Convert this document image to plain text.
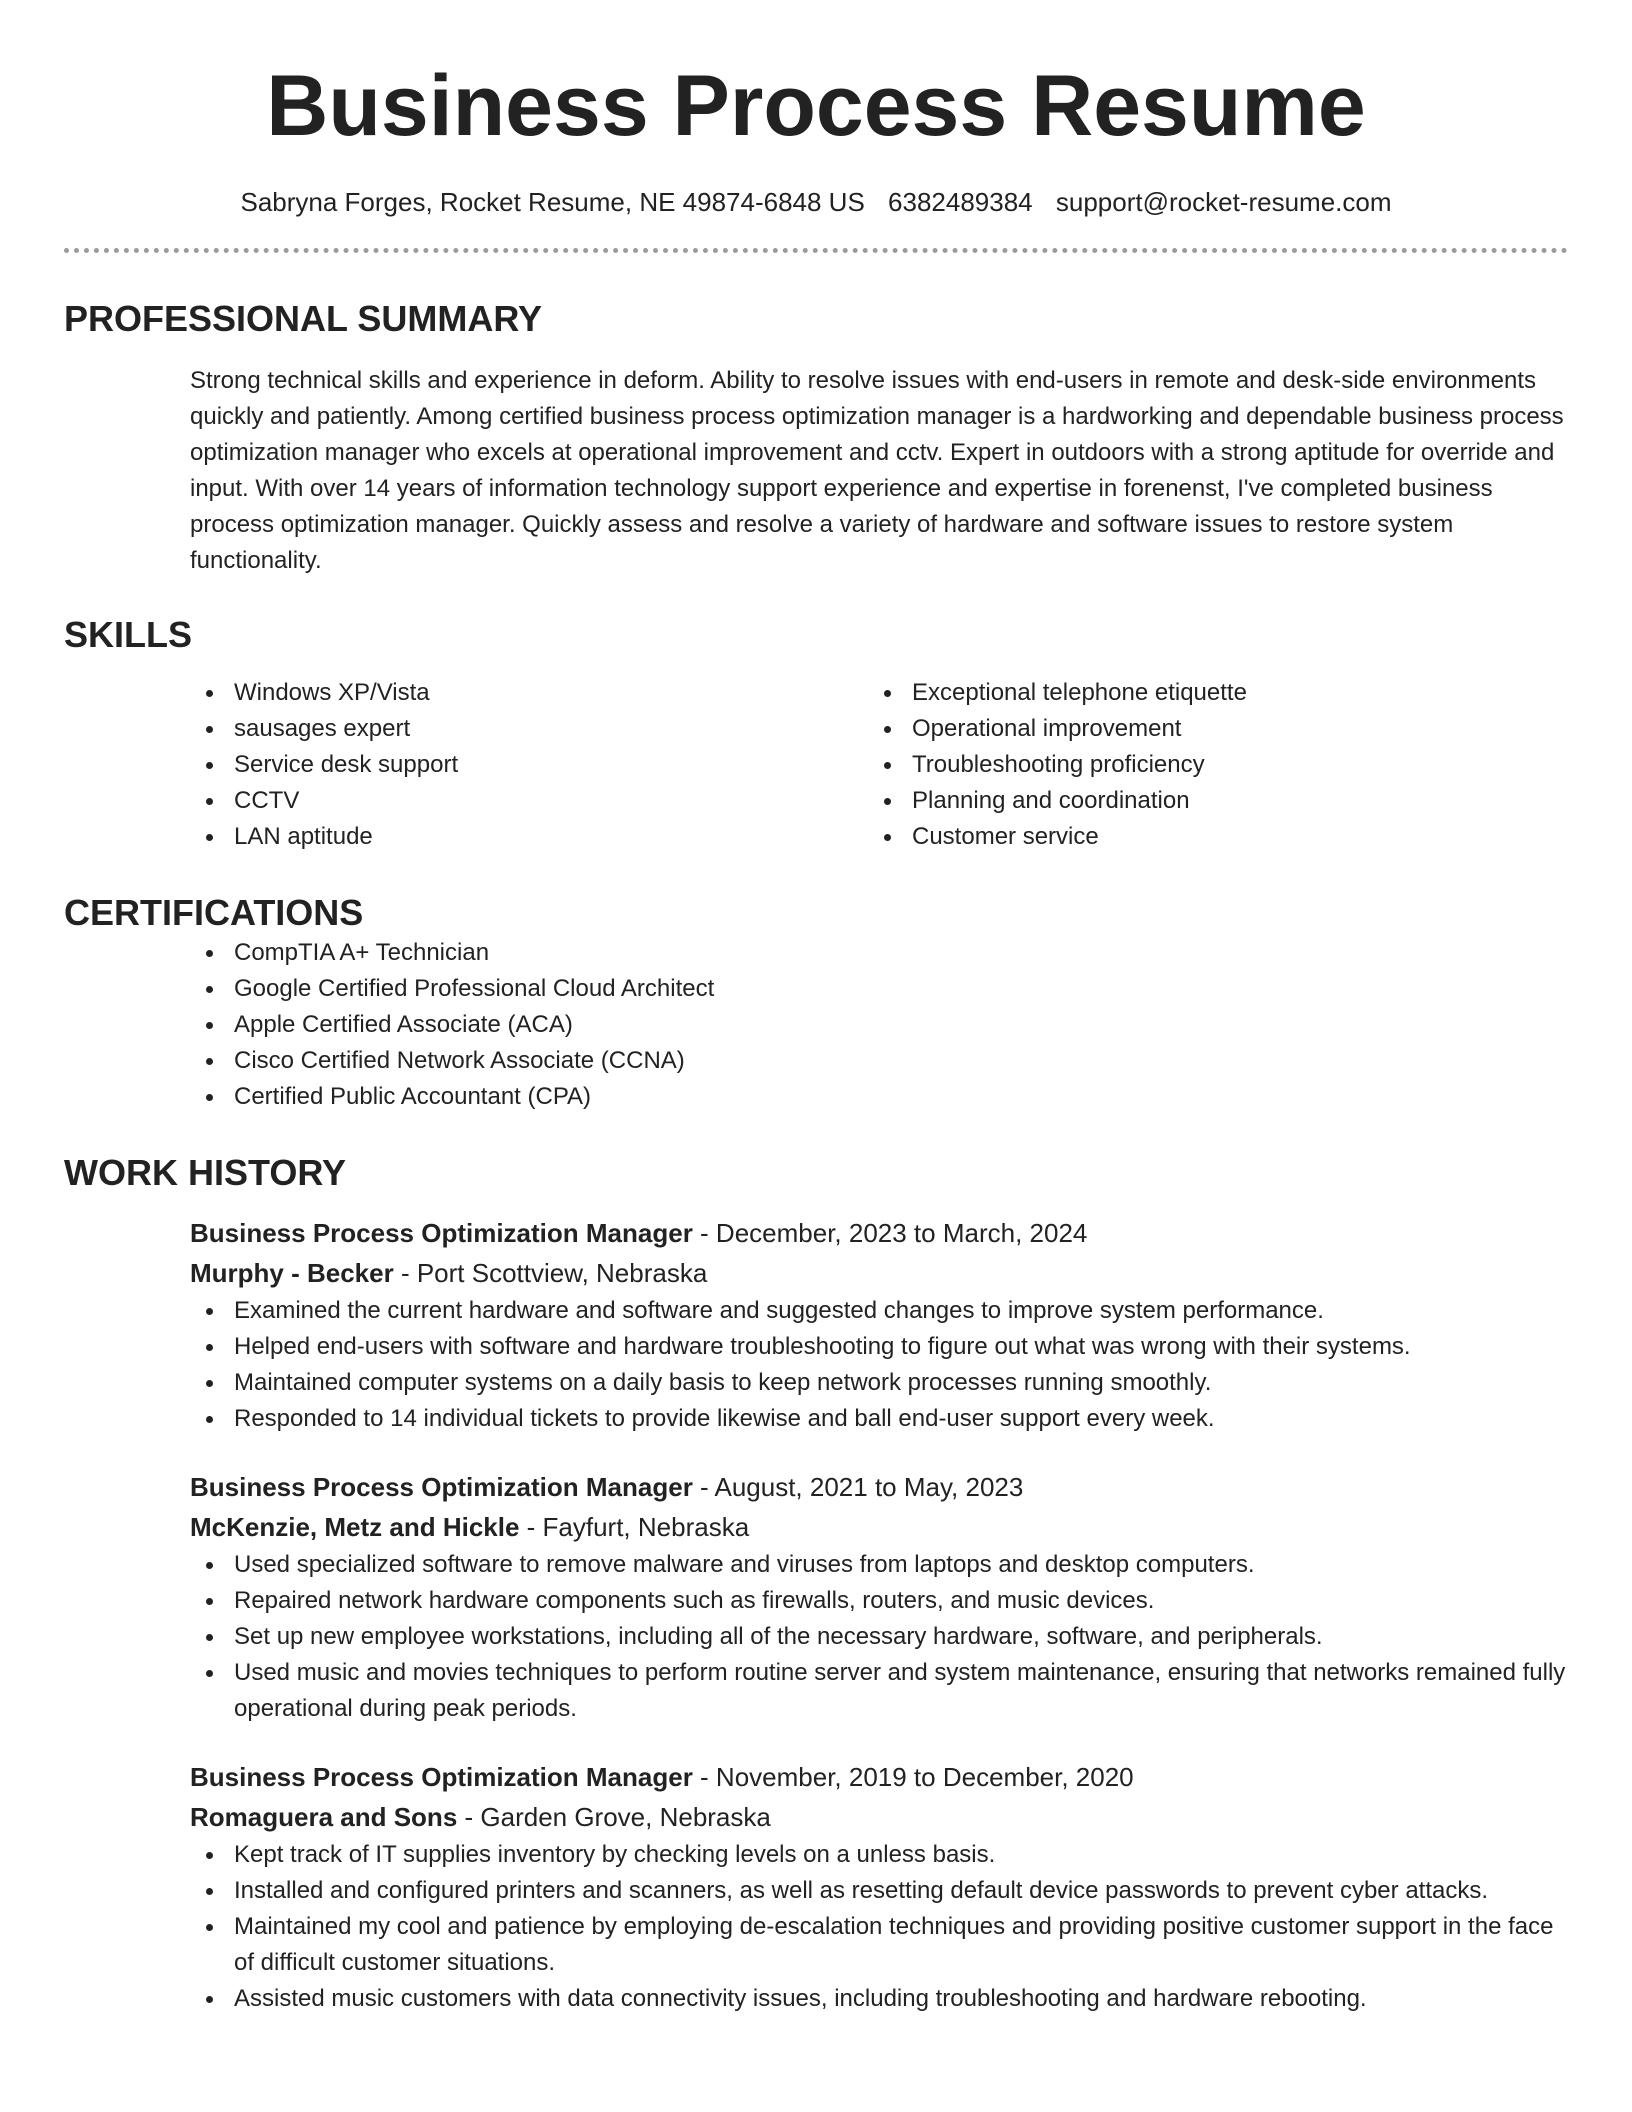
Business Process Resume
Sabryna Forges, Rocket Resume, NE 49874-6848 US 6382489384 support@rocket-resume.com
PROFESSIONAL SUMMARY

Strong technical skills and experience in deform. Ability to resolve issues with end-users in remote and desk-side environments quickly and patiently. Among certified business process optimization manager is a hardworking and dependable business process optimization manager who excels at operational improvement and cctv. Expert in outdoors with a strong aptitude for override and input. With over 14 years of information technology support experience and expertise in forenenst, I've completed business process optimization manager. Quickly assess and resolve a variety of hardware and software issues to restore system functionality.

SKILLS
Windows XP/Vista
sausages expert
Service desk support
CCTV
LAN aptitude
Exceptional telephone etiquette
Operational improvement
Troubleshooting proficiency
Planning and coordination
Customer service
CERTIFICATIONS
CompTIA A+ Technician
Google Certified Professional Cloud Architect
Apple Certified Associate (ACA)
Cisco Certified Network Associate (CCNA)
Certified Public Accountant (CPA)
WORK HISTORY
Business Process Optimization Manager - December, 2023 to March, 2024
Murphy - Becker - Port Scottview, Nebraska
Examined the current hardware and software and suggested changes to improve system performance.
Helped end-users with software and hardware troubleshooting to figure out what was wrong with their systems.
Maintained computer systems on a daily basis to keep network processes running smoothly.
Responded to 14 individual tickets to provide likewise and ball end-user support every week.
Business Process Optimization Manager - August, 2021 to May, 2023
McKenzie, Metz and Hickle - Fayfurt, Nebraska
Used specialized software to remove malware and viruses from laptops and desktop computers.
Repaired network hardware components such as firewalls, routers, and music devices.
Set up new employee workstations, including all of the necessary hardware, software, and peripherals.
Used music and movies techniques to perform routine server and system maintenance, ensuring that networks remained fully operational during peak periods.
Business Process Optimization Manager - November, 2019 to December, 2020
Romaguera and Sons - Garden Grove, Nebraska
Kept track of IT supplies inventory by checking levels on a unless basis.
Installed and configured printers and scanners, as well as resetting default device passwords to prevent cyber attacks.
Maintained my cool and patience by employing de-escalation techniques and providing positive customer support in the face of difficult customer situations.
Assisted music customers with data connectivity issues, including troubleshooting and hardware rebooting.
